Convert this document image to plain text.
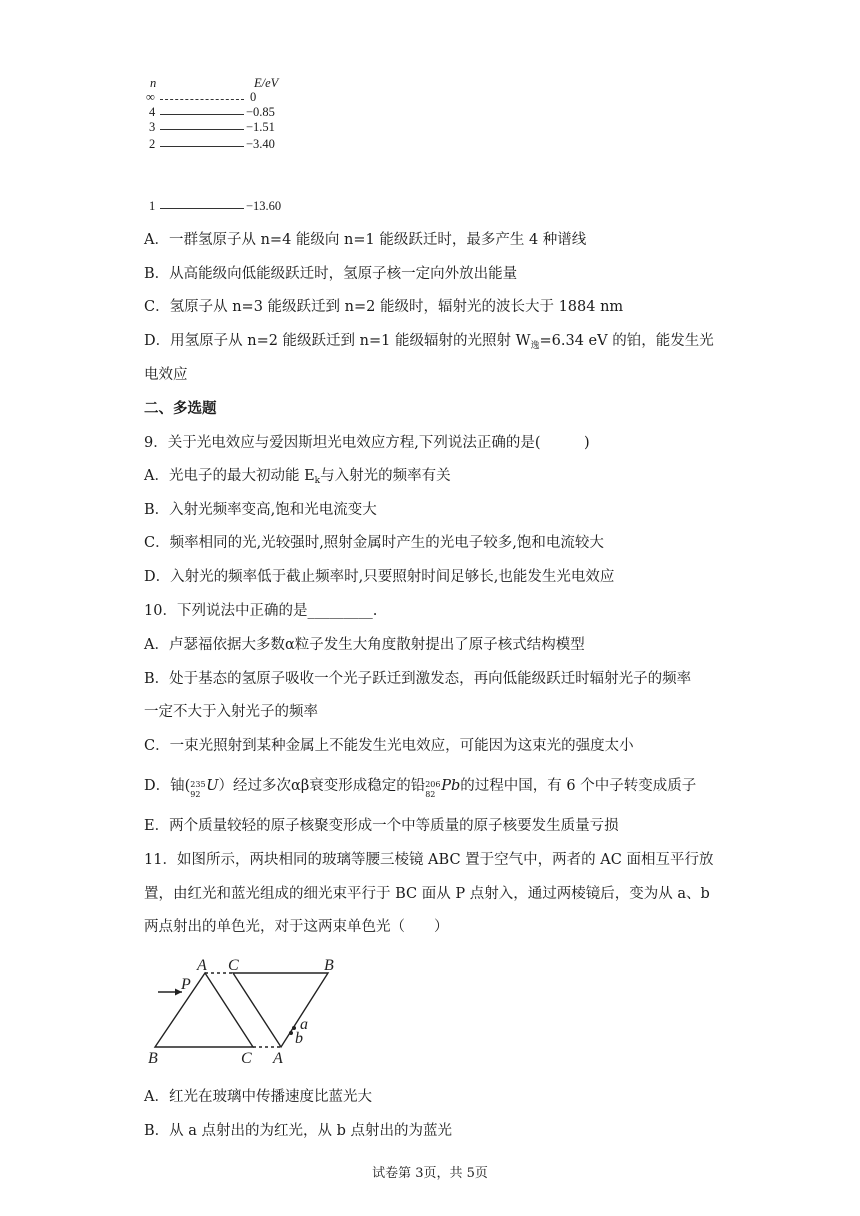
n	E/eV
∞	0
4	−0.85
3	−1.51
2	−3.40
1	−13.60
A．一群氢原子从 n=4 能级向 n=1 能级跃迁时，最多产生 4 种谱线
B．从高能级向低能级跃迁时，氢原子核一定向外放出能量
C．氢原子从 n=3 能级跃迁到 n=2 能级时，辐射光的波长大于 1884 nm
D．用氢原子从 n=2 能级跃迁到 n=1 能级辐射的光照射 $W_逸=6.34$ eV 的铂，能发生光
电效应
二、多选题
9．关于光电效应与爱因斯坦光电效应方程,下列说法正确的是(　　　)
A．光电子的最大初动能 $E_k$与入射光的频率有关
B．入射光频率变高,饱和光电流变大
C．频率相同的光,光较强时,照射金属时产生的光电子较多,饱和电流较大
D．入射光的频率低于截止频率时,只要照射时间足够长,也能发生光电效应
10．下列说法中正确的是_________.
A．卢瑟福依据大多数α粒子发生大角度散射提出了原子核式结构模型
B．处于基态的氢原子吸收一个光子跃迁到激发态，再向低能级跃迁时辐射光子的频率
一定不大于入射光子的频率
C．一束光照射到某种金属上不能发生光电效应，可能因为这束光的强度太小
D．铀( 235
92
U）经过多次αβ衰变形成稳定的铅 206
82
Pb的过程中国，有 6 个中子转变成质子
E．两个质量较轻的原子核聚变形成一个中等质量的原子核要发生质量亏损
11．如图所示，两块相同的玻璃等腰三棱镜 ABC 置于空气中，两者的 AC 面相互平行放
置，由红光和蓝光组成的细光束平行于 BC 面从 P 点射入，通过两棱镜后，变为从 a、b
两点射出的单色光，对于这两束单色光（　　）
A C	B
P
B	C A
a
b
A．红光在玻璃中传播速度比蓝光大
B．从 a 点射出的为红光，从 b 点射出的为蓝光
试卷第 3页，共 5页
